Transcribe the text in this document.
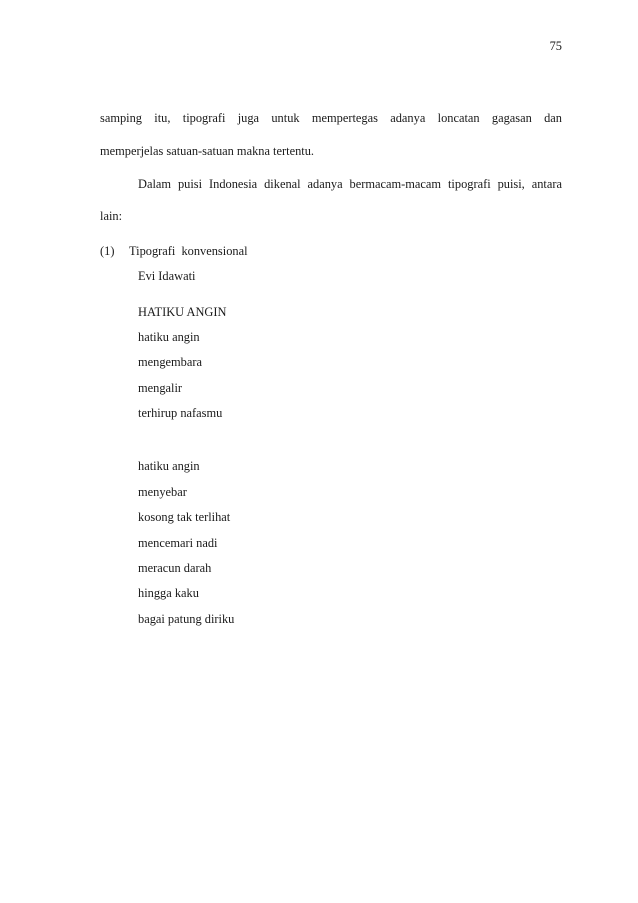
75
samping itu, tipografi juga untuk mempertegas adanya loncatan gagasan dan
memperjelas satuan-satuan makna tertentu.
Dalam puisi Indonesia dikenal adanya bermacam-macam tipografi puisi, antara
lain:
(1) Tipografi konvensional
Evi Idawati
HATIKU ANGIN
hatiku angin
mengembara
mengalir
terhirup nafasmu
hatiku angin
menyebar
kosong tak terlihat
mencemari nadi
meracun darah
hingga kaku
bagai patung diriku
